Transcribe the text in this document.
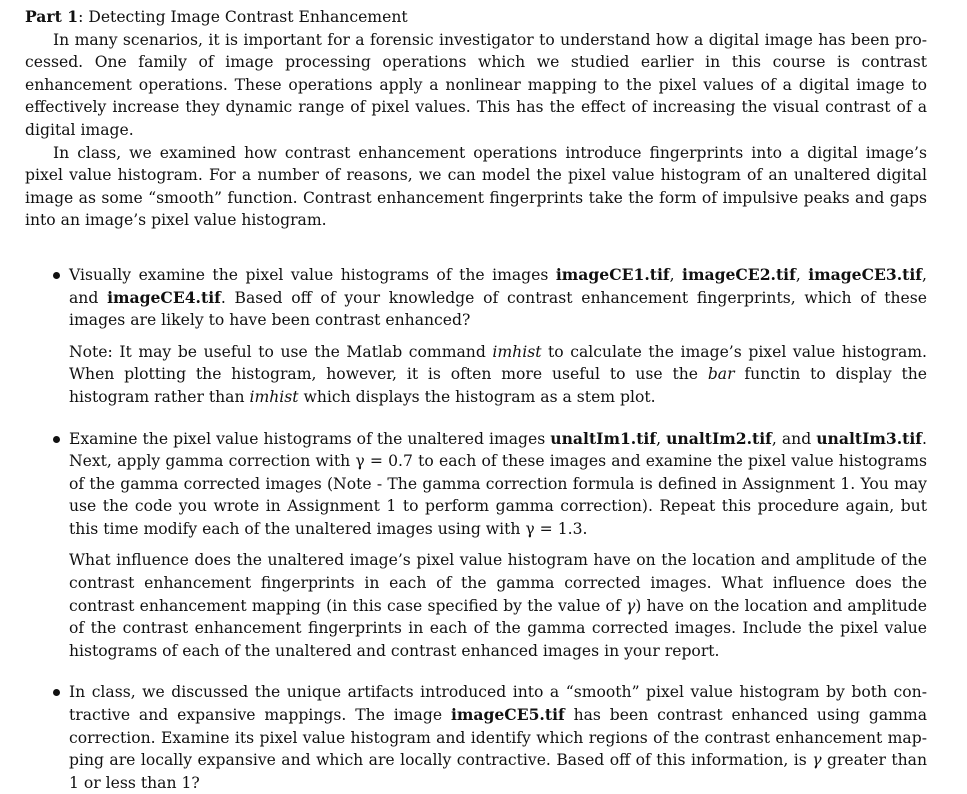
Part 1: Detecting Image Contrast Enhancement

In many scenarios, it is important for a forensic investigator to understand how a digital image has been processed. One family of image processing operations which we studied earlier in this course is contrast enhancement operations. These operations apply a nonlinear mapping to the pixel values of a digital image to effectively increase they dynamic range of pixel values. This has the effect of increasing the visual contrast of a digital image.

In class, we examined how contrast enhancement operations introduce fingerprints into a digital image’s pixel value histogram. For a number of reasons, we can model the pixel value histogram of an unaltered digital image as some “smooth” function. Contrast enhancement fingerprints take the form of impulsive peaks and gaps into an image’s pixel value histogram.

Visually examine the pixel value histograms of the images imageCE1.tif, imageCE2.tif, imageCE3.tif, and imageCE4.tif. Based off of your knowledge of contrast enhancement fingerprints, which of these images are likely to have been contrast enhanced?

Note: It may be useful to use the Matlab command imhist to calculate the image’s pixel value histogram. When plotting the histogram, however, it is often more useful to use the bar functin to display the histogram rather than imhist which displays the histogram as a stem plot.

Examine the pixel value histograms of the unaltered images unaltIm1.tif, unaltIm2.tif, and unaltIm3.tif. Next, apply gamma correction with γ = 0.7 to each of these images and examine the pixel value histograms of the gamma corrected images (Note - The gamma correction formula is defined in Assignment 1. You may use the code you wrote in Assignment 1 to perform gamma correction). Repeat this procedure again, but this time modify each of the unaltered images using with γ = 1.3.

What influence does the unaltered image’s pixel value histogram have on the location and amplitude of the contrast enhancement fingerprints in each of the gamma corrected images. What influence does the contrast enhancement mapping (in this case specified by the value of γ) have on the location and amplitude of the contrast enhancement fingerprints in each of the gamma corrected images. Include the pixel value histograms of each of the unaltered and contrast enhanced images in your report.

In class, we discussed the unique artifacts introduced into a “smooth” pixel value histogram by both contractive and expansive mappings. The image imageCE5.tif has been contrast enhanced using gamma correction. Examine its pixel value histogram and identify which regions of the contrast enhancement mapping are locally expansive and which are locally contractive. Based off of this information, is γ greater than 1 or less than 1?
